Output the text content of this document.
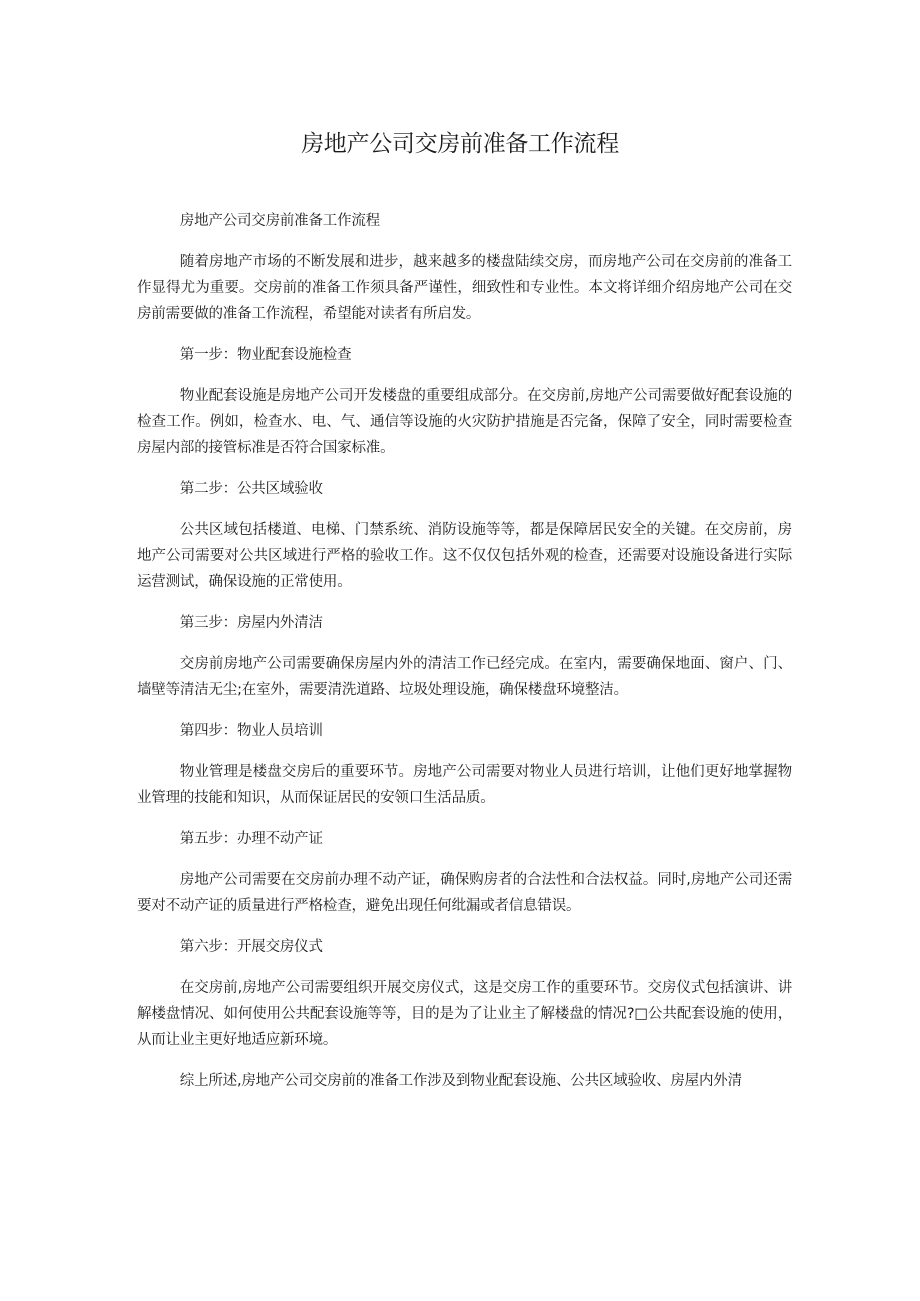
房地产公司交房前准备工作流程

房地产公司交房前准备工作流程

随着房地产市场的不断发展和进步，越来越多的楼盘陆续交房，而房地产公司在交房前的准备工作显得尤为重要。交房前的准备工作须具备严谨性，细致性和专业性。本文将详细介绍房地产公司在交房前需要做的准备工作流程，希望能对读者有所启发。

第一步：物业配套设施检查

物业配套设施是房地产公司开发楼盘的重要组成部分。在交房前,房地产公司需要做好配套设施的检查工作。例如，检查水、电、气、通信等设施的火灾防护措施是否完备，保障了安全，同时需要检查房屋内部的接管标准是否符合国家标准。

第二步：公共区域验收

公共区域包括楼道、电梯、门禁系统、消防设施等等，都是保障居民安全的关键。在交房前，房地产公司需要对公共区域进行严格的验收工作。这不仅仅包括外观的检查，还需要对设施设备进行实际运营测试，确保设施的正常使用。

第三步：房屋内外清洁

交房前房地产公司需要确保房屋内外的清洁工作已经完成。在室内，需要确保地面、窗户、门、墙壁等清洁无尘;在室外，需要清洗道路、垃圾处理设施，确保楼盘环境整洁。

第四步：物业人员培训

物业管理是楼盘交房后的重要环节。房地产公司需要对物业人员进行培训，让他们更好地掌握物业管理的技能和知识，从而保证居民的安领口生活品质。

第五步：办理不动产证

房地产公司需要在交房前办理不动产证，确保购房者的合法性和合法权益。同时,房地产公司还需要对不动产证的质量进行严格检查，避免出现任何纰漏或者信息错误。

第六步：开展交房仪式

在交房前,房地产公司需要组织开展交房仪式，这是交房工作的重要环节。交房仪式包括演讲、讲解楼盘情况、如何使用公共配套设施等等，目的是为了让业主了解楼盘的情况?□公共配套设施的使用，从而让业主更好地适应新环境。

综上所述,房地产公司交房前的准备工作涉及到物业配套设施、公共区域验收、房屋内外清
